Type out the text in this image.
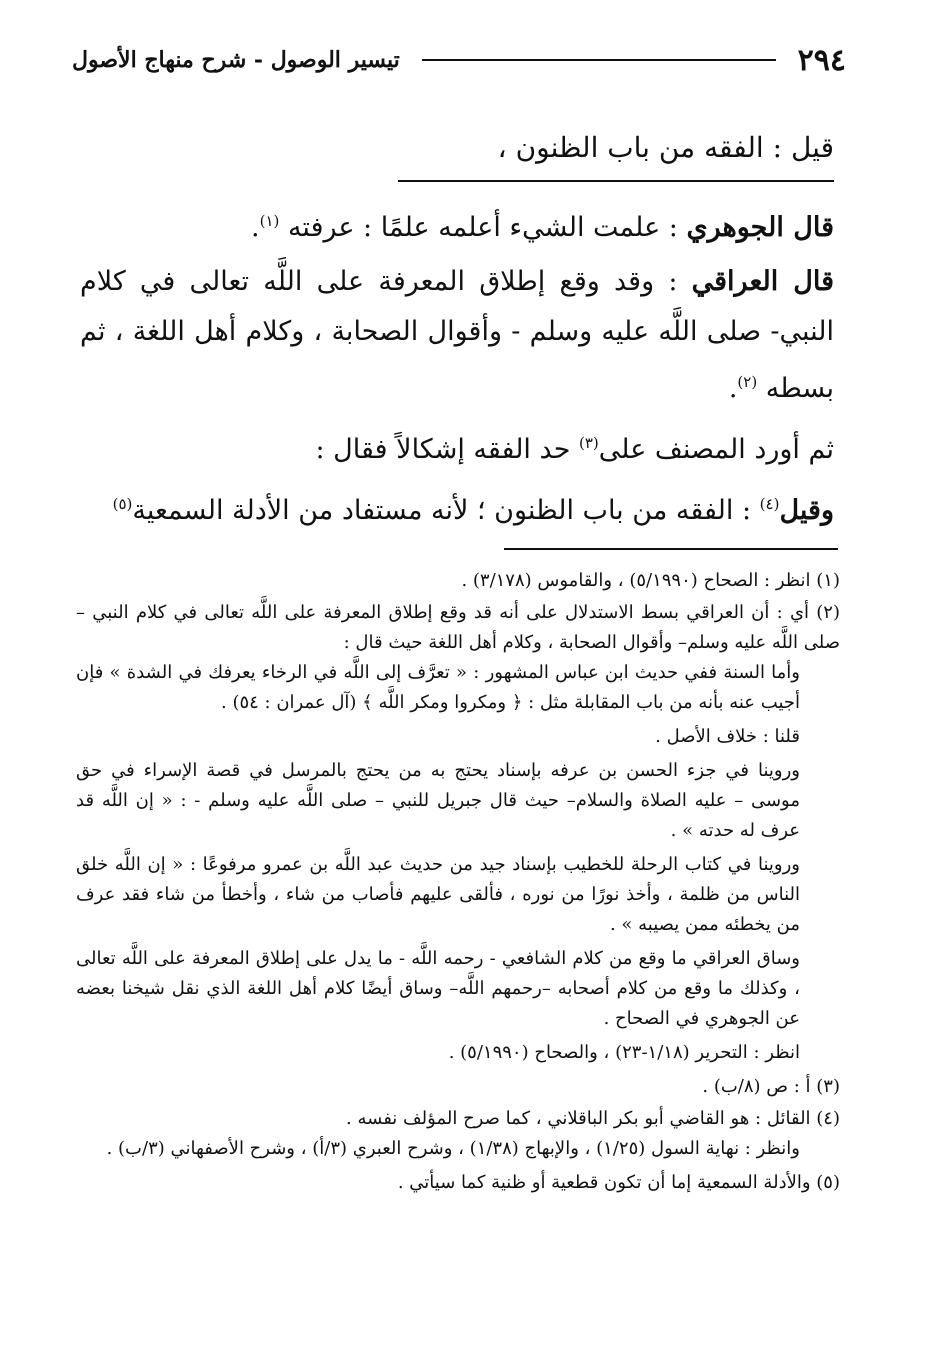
٢٩٤
تيسير الوصول - شرح منهاج الأصول
قيل : الفقه من باب الظنون ،

قال الجوهري : علمت الشيء أعلمه علمًا : عرفته $^{(١)}$.

قال العراقي : وقد وقع إطلاق المعرفة على اللَّه تعالى في كلام النبي- صلى اللَّه عليه وسلم - وأقوال الصحابة ، وكلام أهل اللغة ، ثم بسطه $^{(٢)}$.

ثم أورد المصنف على$^{(٣)}$ حد الفقه إشكالاً فقال :

وقيل$^{(٤)}$ : الفقه من باب الظنون ؛ لأنه مستفاد من الأدلة السمعية$^{(٥)}$

(١) انظر : الصحاح (٥/١٩٩٠) ، والقاموس (٣/١٧٨) .

(٢) أي : أن العراقي بسط الاستدلال على أنه قد وقع إطلاق المعرفة على اللَّه تعالى في كلام النبي –صلى اللَّه عليه وسلم– وأقوال الصحابة ، وكلام أهل اللغة حيث قال :

وأما السنة ففي حديث ابن عباس المشهور : « تعرَّف إلى اللَّه في الرخاء يعرفك في الشدة » فإن أجيب عنه بأنه من باب المقابلة مثل : ﴿ ومكروا ومكر اللَّه ﴾ (آل عمران : ٥٤) .

قلنا : خلاف الأصل .

وروينا في جزء الحسن بن عرفه بإسناد يحتج به من يحتج بالمرسل في قصة الإسراء في حق موسى – عليه الصلاة والسلام– حيث قال جبريل للنبي – صلى اللَّه عليه وسلم - : « إن اللَّه قد عرف له حدته » .

وروينا في كتاب الرحلة للخطيب بإسناد جيد من حديث عبد اللَّه بن عمرو مرفوعًا : « إن اللَّه خلق الناس من ظلمة ، وأخذ نورًا من نوره ، فألقى عليهم فأصاب من شاء ، وأخطأ من شاء فقد عرف من يخطئه ممن يصيبه » .

وساق العراقي ما وقع من كلام الشافعي - رحمه اللَّه - ما يدل على إطلاق المعرفة على اللَّه تعالى ، وكذلك ما وقع من كلام أصحابه –رحمهم اللَّه– وساق أيضًا كلام أهل اللغة الذي نقل شيخنا بعضه عن الجوهري في الصحاح .

انظر : التحرير (١/١٨-٢٣) ، والصحاح (٥/١٩٩٠) .

(٣) أ : ص (٨/ب) .

(٤) القائل : هو القاضي أبو بكر الباقلاني ، كما صرح المؤلف نفسه .

وانظر : نهاية السول (١/٢٥) ، والإبهاج (١/٣٨) ، وشرح العبري (٣/أ) ، وشرح الأصفهاني (٣/ب) .

(٥) والأدلة السمعية إما أن تكون قطعية أو ظنية كما سيأتي .
